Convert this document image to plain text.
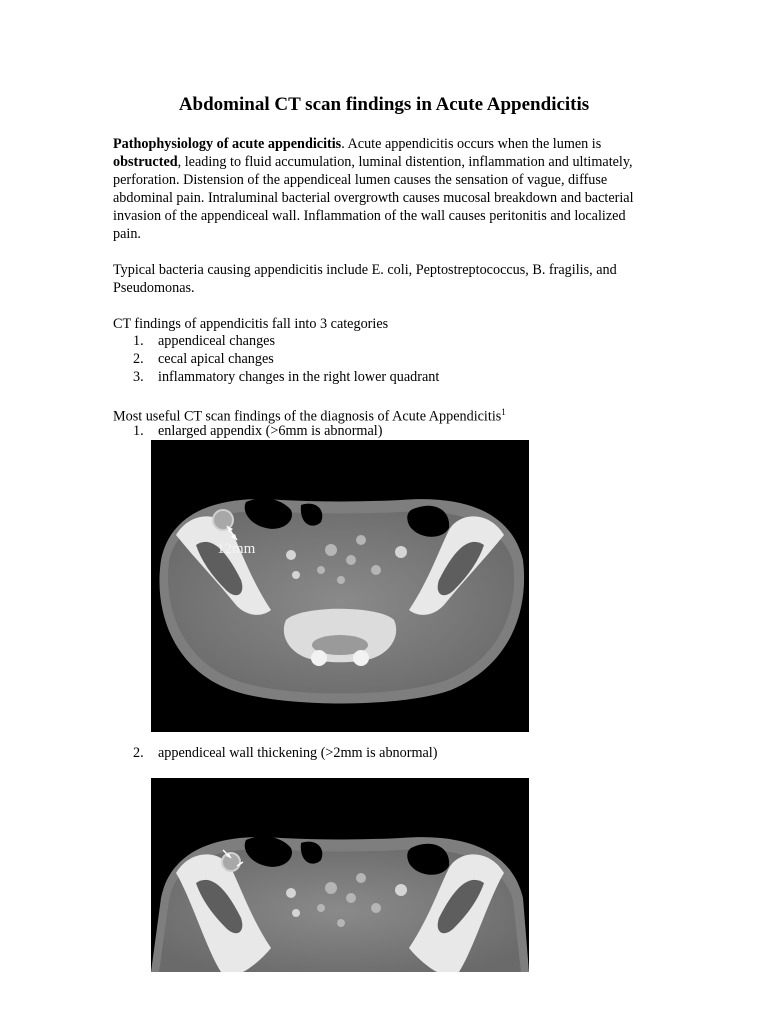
Abdominal CT scan findings in Acute Appendicitis

Pathophysiology of acute appendicitis. Acute appendicitis occurs when the lumen is obstructed, leading to fluid accumulation, luminal distention, inflammation and ultimately, perforation. Distension of the appendiceal lumen causes the sensation of vague, diffuse abdominal pain. Intraluminal bacterial overgrowth causes mucosal breakdown and bacterial invasion of the appendiceal wall. Inflammation of the wall causes peritonitis and localized pain.

Typical bacteria causing appendicitis include E. coli, Peptostreptococcus, B. fragilis, and Pseudomonas.

CT findings of appendicitis fall into 3 categories

1. appendiceal changes
2. cecal apical changes
3. inflammatory changes in the right lower quadrant

Most useful CT scan findings of the diagnosis of Acute Appendicitis$^1$

1. enlarged appendix (>6mm is abnormal)
12mm
2. appendiceal wall thickening (>2mm is abnormal)
